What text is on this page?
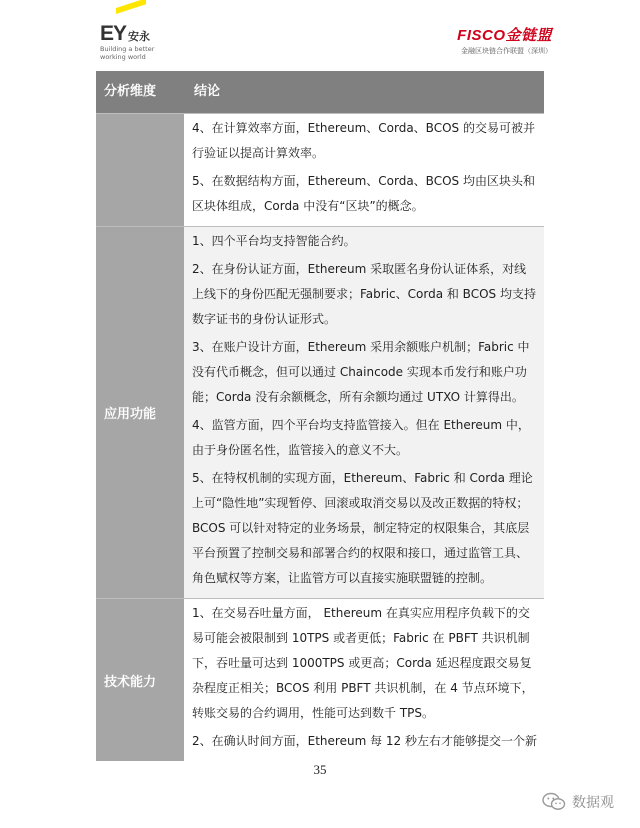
EY 安永
Building a better working world
FISCO金链盟
金融区块链合作联盟（深圳）
分析维度	结论

4、在计算效率方面，Ethereum、Corda、BCOS 的交易可被并行验证以提高计算效率。

5、在数据结构方面，Ethereum、Corda、BCOS 均由区块头和区块体组成，Corda 中没有“区块”的概念。

应用功能

1、四个平台均支持智能合约。

2、在身份认证方面，Ethereum 采取匿名身份认证体系，对线上线下的身份匹配无强制要求；Fabric、Corda 和 BCOS 均支持数字证书的身份认证形式。

3、在账户设计方面，Ethereum 采用余额账户机制；Fabric 中没有代币概念，但可以通过 Chaincode 实现本币发行和账户功能；Corda 没有余额概念，所有余额均通过 UTXO 计算得出。

4、监管方面，四个平台均支持监管接入。但在 Ethereum 中，由于身份匿名性，监管接入的意义不大。

5、在特权机制的实现方面，Ethereum、Fabric 和 Corda 理论上可“隐性地”实现暂停、回滚或取消交易以及改正数据的特权；BCOS 可以针对特定的业务场景，制定特定的权限集合，其底层平台预置了控制交易和部署合约的权限和接口，通过监管工具、角色赋权等方案，让监管方可以直接实施联盟链的控制。

技术能力

1、在交易吞吐量方面， Ethereum 在真实应用程序负载下的交易可能会被限制到 10TPS 或者更低；Fabric 在 PBFT 共识机制下，吞吐量可达到 1000TPS 或更高；Corda 延迟程度跟交易复杂程度正相关；BCOS 利用 PBFT 共识机制，在 4 节点环境下，转账交易的合约调用，性能可达到数千 TPS。

2、在确认时间方面，Ethereum 每 12 秒左右才能够提交一个新

35
数据观
